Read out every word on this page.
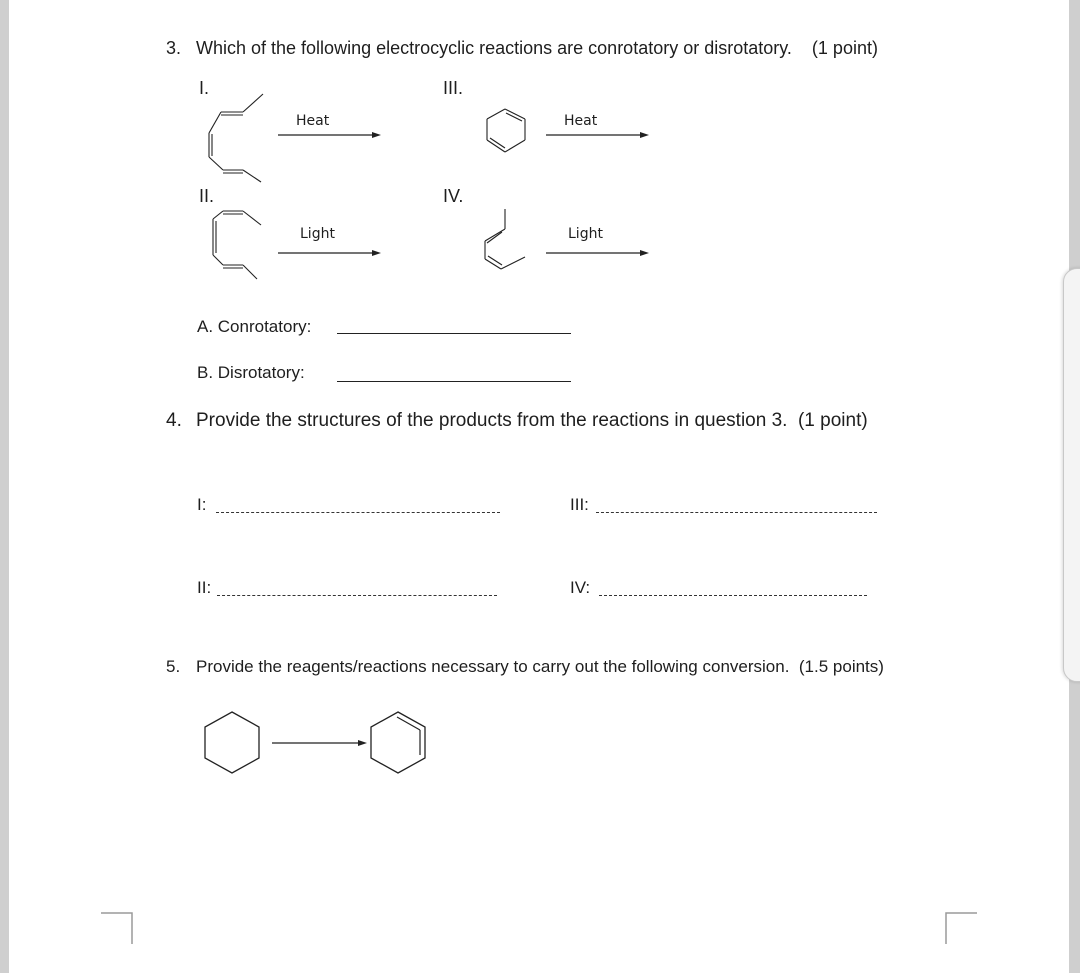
3. Which of the following electrocyclic reactions are conrotatory or disrotatory. (1 point)
I.	III.
II.	IV.
Heat	Heat
Light	Light
A. Conrotatory:
B. Disrotatory:
4. Provide the structures of the products from the reactions in question 3. (1 point)
I:	III:
II:	IV:
5. Provide the reagents/reactions necessary to carry out the following conversion. (1.5 points)
